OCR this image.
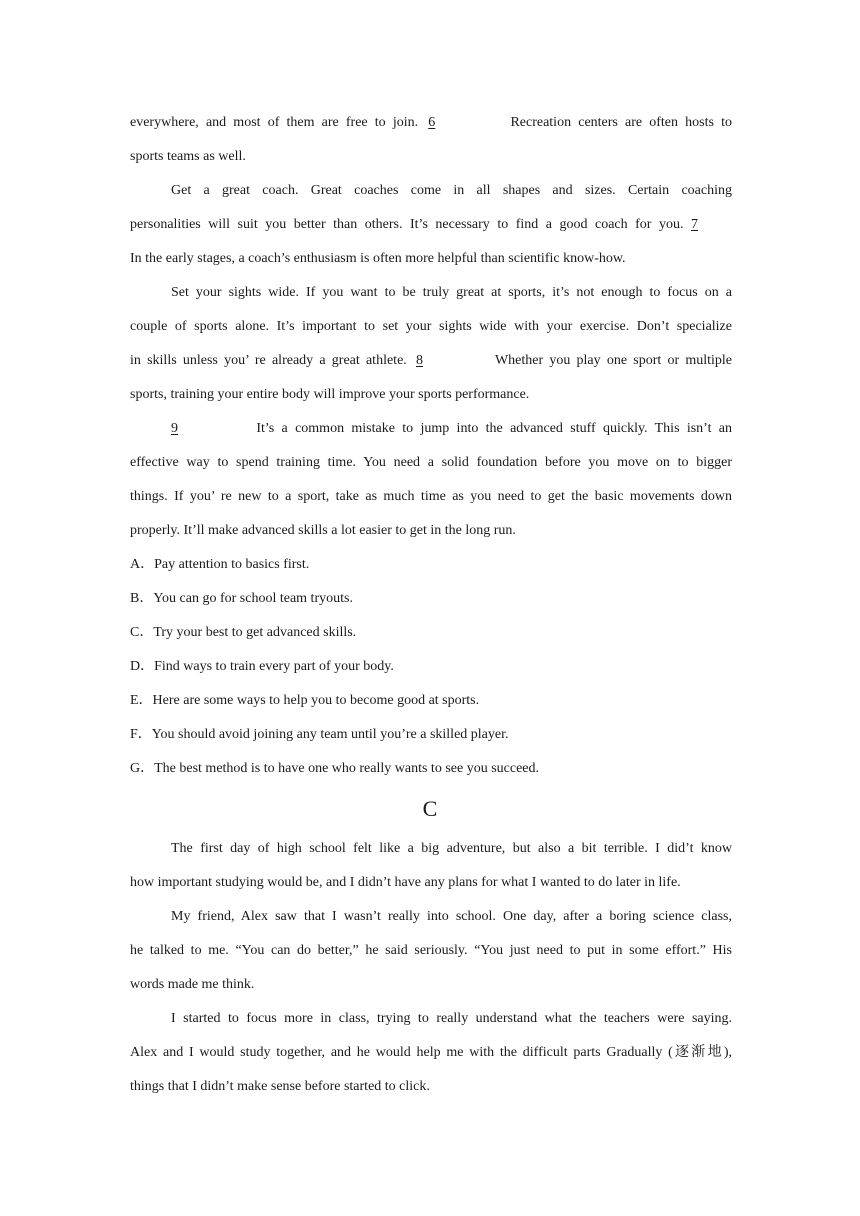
everywhere, and most of them are free to join. 6	Recreation centers are often hosts to
sports teams as well.
Get a great coach. Great coaches come in all shapes and sizes. Certain coaching
personalities will suit you better than others. It’s necessary to find a good coach for you. 7
In the early stages, a coach’s enthusiasm is often more helpful than scientific know-how.
Set your sights wide. If you want to be truly great at sports, it’s not enough to focus on a
couple of sports alone. It’s important to set your sights wide with your exercise. Don’t specialize
in skills unless you’ re already a great athlete. 8	Whether you play one sport or multiple
sports, training your entire body will improve your sports performance.
9	It’s a common mistake to jump into the advanced stuff quickly. This isn’t an
effective way to spend training time. You need a solid foundation before you move on to bigger
things. If you’ re new to a sport, take as much time as you need to get the basic movements down
properly. It’ll make advanced skills a lot easier to get in the long run.
A．Pay attention to basics first.
B．You can go for school team tryouts.
C．Try your best to get advanced skills.
D．Find ways to train every part of your body.
E．Here are some ways to help you to become good at sports.
F．You should avoid joining any team until you’re a skilled player.
G．The best method is to have one who really wants to see you succeed.
C
The first day of high school felt like a big adventure, but also a bit terrible. I did’t know
how important studying would be, and I didn’t have any plans for what I wanted to do later in life.
My friend, Alex saw that I wasn’t really into school. One day, after a boring science class,
he talked to me. “You can do better,” he said seriously. “You just need to put in some effort.” His
words made me think.
I started to focus more in class, trying to really understand what the teachers were saying.
Alex and I would study together, and he would help me with the difficult parts Gradually (逐渐地),
things that I didn’t make sense before started to click.
